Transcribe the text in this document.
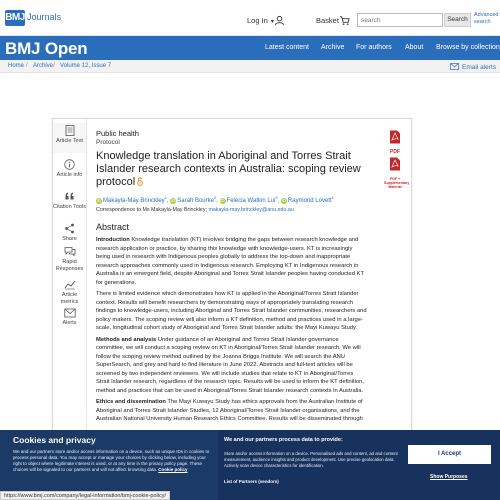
BMJ Journals	Log In ▾	Basket
search	Search
Advanced
search
BMJ Open	Latest content Archive For authors About Browse by collection
Home / Archive / Volume 12, Issue 7	Email alerts
Article Text
Article info
Citation Tools
Share
Rapid Responses
Article metrics
Alerts
PDF
PDF +
Supplementary
Material
Public health
Protocol
Knowledge translation in Aboriginal and Torres Strait Islander research contexts in Australia: scoping review protocol
iD Makayla-May Brinckley$^1$, iD Sarah Bourke$^2$, iD Felecia Watkin Lui$^3$, iD Raymond Lovett$^1$
Correspondence to Ms Makayla-May Brinckley; makayla-may.brinckley@anu.edu.au
Abstract

Introduction Knowledge translation (KT) involves bridging the gaps between research knowledge and research application or practice, by sharing this knowledge with knowledge-users. KT is increasingly being used in research with Indigenous peoples globally to address the top-down and inappropriate research approaches commonly used in Indigenous research. Employing KT in Indigenous research in Australia is an emergent field, despite Aboriginal and Torres Strait Islander peoples having conducted KT for generations.

There is limited evidence which demonstrates how KT is applied in the Aboriginal/Torres Strait Islander context. Results will benefit researchers by demonstrating ways of appropriately translating research findings to knowledge-users, including Aboriginal and Torres Strait Islander communities, researchers and policy makers. The scoping review will also inform a KT definition, method and practices used in a large-scale, longitudinal cohort study of Aboriginal and Torres Strait Islander adults: the Mayi Kuwayu Study.

Methods and analysis Under guidance of an Aboriginal and Torres Strait Islander governance committee, we will conduct a scoping review on KT in Aboriginal/Torres Strait Islander research. We will follow the scoping review method outlined by the Joanna Briggs Institute. We will search the ANU SuperSearch, and grey and hard to find literature in June 2022. Abstracts and full-text articles will be screened by two independent reviewers. We will include studies that relate to KT in Aboriginal/Torres Strait Islander research, regardless of the research topic. Results will be used to inform the KT definition, method and practices that can be used in Aboriginal/Torres Strait Islander research contexts in Australia.

Ethics and dissemination The Mayi Kuwayu Study has ethics approvals from the Australian Institute of Aboriginal and Torres Strait Islander Studies, 12 Aboriginal/Torres Strait Islander organisations, and the Australian National University Human Research Ethics Committee. Results will be disseminated through

Cookies and privacy
We and our partners store and/or access information on a device, such as unique IDs in cookies to process personal data. You may accept or manage your choices by clicking below, including your right to object where legitimate interest is used, or at any time in the privacy policy page. These choices will be signaled to our partners and will not affect browsing data. Cookie policy
We and our partners process data to provide:
Store and/or access information on a device. Personalised ads and content, ad and content measurement, audience insights and product development. Use precise geolocation data. Actively scan device characteristics for identification.
List of Partners (vendors)
I Accept
Show Purposes
https://www.bmj.com/company/legal-information/bmj-cookie-policy/
